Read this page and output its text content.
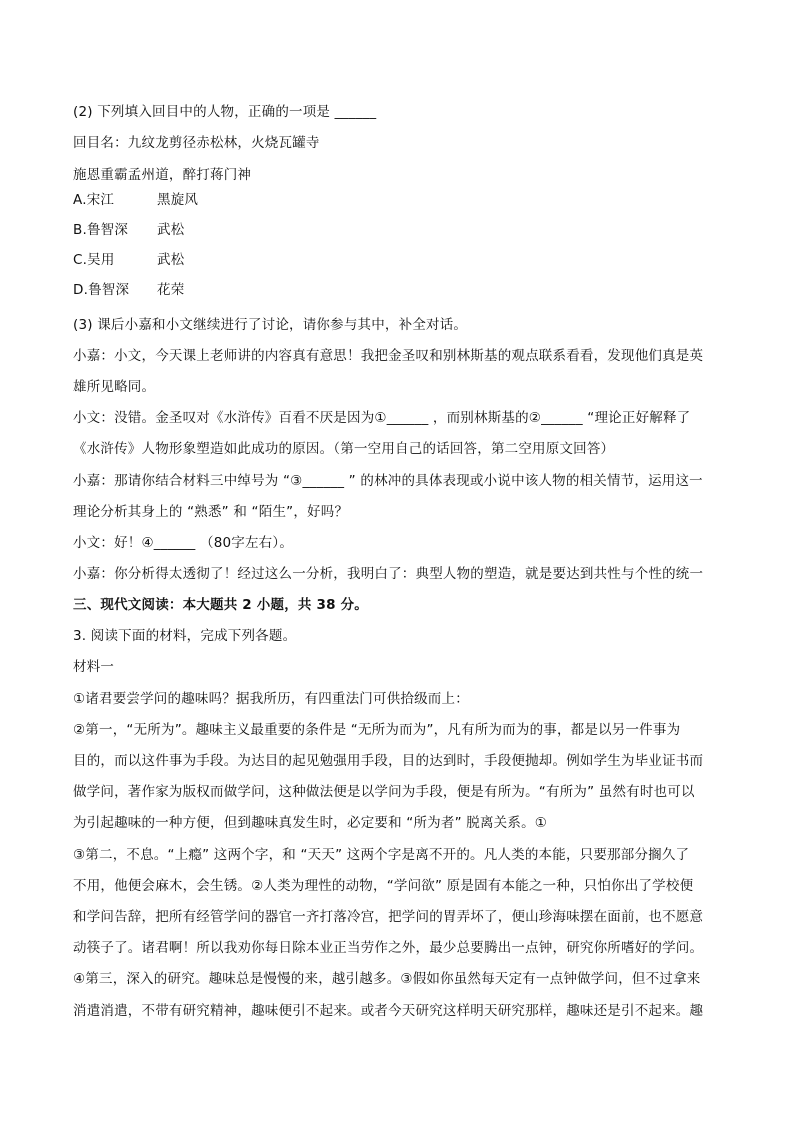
(2) 下列填入回目中的人物，正确的一项是 ______
回目名：九纹龙剪径赤松林，火烧瓦罐寺
施恩重霸孟州道，醉打蒋门神
A.宋江	黑旋风
B.鲁智深 武松
C.吴用	武松
D.鲁智深 花荣
(3) 课后小嘉和小文继续进行了讨论，请你参与其中，补全对话。
小嘉：小文，今天课上老师讲的内容真有意思！我把金圣叹和别林斯基的观点联系看看，发现他们真是英
雄所见略同。
小文：没错。金圣叹对《水浒传》百看不厌是因为①______ ，而别林斯基的②______ “理论正好解释了
《水浒传》人物形象塑造如此成功的原因。（第一空用自己的话回答，第二空用原文回答）
小嘉：那请你结合材料三中绰号为 “③______ ” 的林冲的具体表现或小说中该人物的相关情节，运用这一
理论分析其身上的 “熟悉” 和 “陌生”，好吗？
小文：好！④______ （80字左右）。
小嘉：你分析得太透彻了！经过这么一分析，我明白了：典型人物的塑造，就是要达到共性与个性的统一
三、现代文阅读：本大题共 2 小题，共 38 分。
3. 阅读下面的材料，完成下列各题。
材料一
①诸君要尝学问的趣味吗？据我所历，有四重法门可供拾级而上：
②第一，“无所为”。趣味主义最重要的条件是 “无所为而为”，凡有所为而为的事，都是以另一件事为
目的，而以这件事为手段。为达目的起见勉强用手段，目的达到时，手段便抛却。例如学生为毕业证书而
做学问，著作家为版权而做学问，这种做法便是以学问为手段，便是有所为。“有所为” 虽然有时也可以
为引起趣味的一种方便，但到趣味真发生时，必定要和 “所为者” 脱离关系。①
③第二，不息。“上瘾” 这两个字，和 “天天” 这两个字是离不开的。凡人类的本能，只要那部分搁久了
不用，他便会麻木，会生锈。②人类为理性的动物，“学问欲” 原是固有本能之一种，只怕你出了学校便
和学问告辞，把所有经管学问的器官一齐打落冷宫，把学问的胃弄坏了，便山珍海味摆在面前，也不愿意
动筷子了。诸君啊！所以我劝你每日除本业正当劳作之外，最少总要腾出一点钟，研究你所嗜好的学问。
④第三，深入的研究。趣味总是慢慢的来，越引越多。③假如你虽然每天定有一点钟做学问，但不过拿来
消遣消遣，不带有研究精神，趣味便引不起来。或者今天研究这样明天研究那样，趣味还是引不起来。趣
